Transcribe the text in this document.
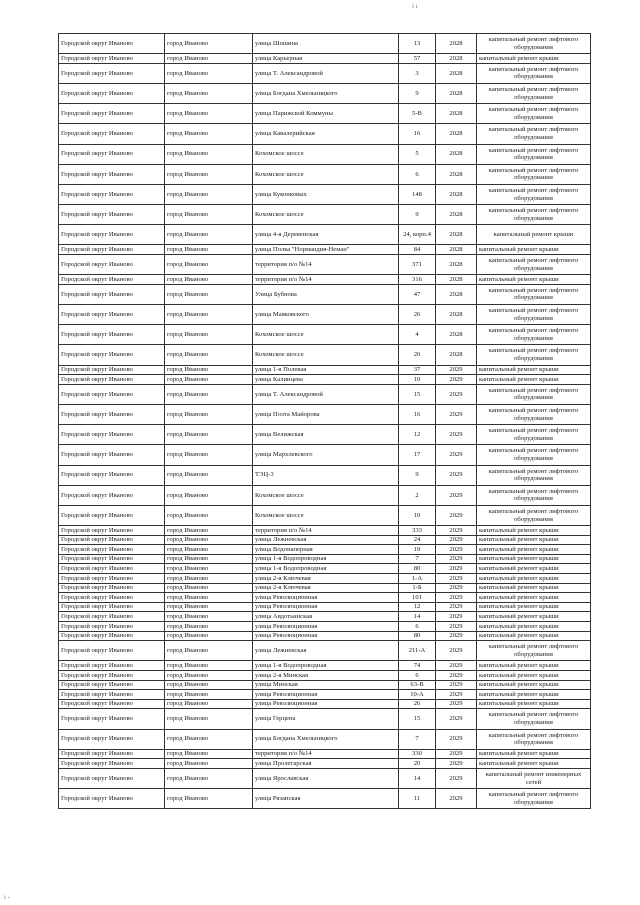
ı̇ ı
Городской округ Иваново	город Иваново	улица Шошина	13	2028	капитальный ремонт лифтового оборудования
Городской округ Иваново	город Иваново	улица Карьерная	57	2028	капитальный ремонт крыши
Городской округ Иваново	город Иваново	улица Т. Александровой	3	2028	капитальный ремонт лифтового оборудования
Городской округ Иваново	город Иваново	улица Богдана Хмельницкого	9	2028	капитальный ремонт лифтового оборудования
Городской округ Иваново	город Иваново	улица Парижской Коммуны	5-В	2028	капитальный ремонт лифтового оборудования
Городской округ Иваново	город Иваново	улица Кавалерийская	16	2028	капитальный ремонт лифтового оборудования
Городской округ Иваново	город Иваново	Кохомское шоссе	5	2028	капитальный ремонт лифтового оборудования
Городской округ Иваново	город Иваново	Кохомское шоссе	6	2028	капитальный ремонт лифтового оборудования
Городской округ Иваново	город Иваново	улица Куконковых	148	2028	капитальный ремонт лифтового оборудования
Городской округ Иваново	город Иваново	Кохомское шоссе	9	2028	капитальный ремонт лифтового оборудования
Городской округ Иваново	город Иваново	улица 4-я Деревенская	24, корп.4	2028	капитальный ремонт крыши
Городской округ Иваново	город Иваново	улица Полка "Нормандия-Неман"	84	2028	капитальный ремонт крыши
Городской округ Иваново	город Иваново	территория п/о №14	371	2028	капитальный ремонт лифтового оборудования
Городской округ Иваново	город Иваново	территория п/о №14	316	2028	капитальный ремонт крыши
Городской округ Иваново	город Иваново	Улица Бубнова	47	2028	капитальный ремонт лифтового оборудования
Городской округ Иваново	город Иваново	улица Маяковского	26	2028	капитальный ремонт лифтового оборудования
Городской округ Иваново	город Иваново	Кохомское шоссе	4	2028	капитальный ремонт лифтового оборудования
Городской округ Иваново	город Иваново	Кохомское шоссе	20	2028	капитальный ремонт лифтового оборудования
Городской округ Иваново	город Иваново	улица 1-я Полевая	37	2029	капитальный ремонт крыши
Городской округ Иваново	город Иваново	улица Калинцева	10	2029	капитальный ремонт крыши
Городской округ Иваново	город Иваново	улица Т. Александровой	15	2029	капитальный ремонт лифтового оборудования
Городской округ Иваново	город Иваново	улица Поэта Майорова	16	2029	капитальный ремонт лифтового оборудования
Городской округ Иваново	город Иваново	улица Велижская	12	2029	капитальный ремонт лифтового оборудования
Городской округ Иваново	город Иваново	улица Мархлевского	17	2029	капитальный ремонт лифтового оборудования
Городской округ Иваново	город Иваново	ТЭЦ-3	9	2029	капитальный ремонт лифтового оборудования
Городской округ Иваново	город Иваново	Кохомское шоссе	2	2029	капитальный ремонт лифтового оборудования
Городской округ Иваново	город Иваново	Кохомское шоссе	10	2029	капитальный ремонт лифтового оборудования
Городской округ Иваново	город Иваново	территория п/о №14	333	2029	капитальный ремонт крыши
Городской округ Иваново	город Иваново	улица Лежневская	24	2029	капитальный ремонт крыши
Городской округ Иваново	город Иваново	улица Водонаперная	19	2029	капитальный ремонт крыши
Городской округ Иваново	город Иваново	улица 1-я Водопроводная	7	2029	капитальный ремонт крыши
Городской округ Иваново	город Иваново	улица 1-я Водопроводная	80	2029	капитальный ремонт крыши
Городской округ Иваново	город Иваново	улица 2-я Ключевая	1-А	2029	капитальный ремонт крыши
Городской округ Иваново	город Иваново	улица 2-я Ключевая	1-Б	2029	капитальный ремонт крыши
Городской округ Иваново	город Иваново	улица Революционная	101	2029	капитальный ремонт крыши
Городской округ Иваново	город Иваново	улица Революционная	12	2029	капитальный ремонт крыши
Городской округ Иваново	город Иваново	улица Авдотьинская	14	2029	капитальный ремонт крыши
Городской округ Иваново	город Иваново	улица Революционная	6	2029	капитальный ремонт крыши
Городской округ Иваново	город Иваново	улица Революционная	80	2029	капитальный ремонт крыши
Городской округ Иваново	город Иваново	улица Лежневская	211-А	2029	капитальный ремонт лифтового оборудования
Городской округ Иваново	город Иваново	улица 1-я Водопроводная	74	2029	капитальный ремонт крыши
Городской округ Иваново	город Иваново	улица 2-я Минская	6	2029	капитальный ремонт крыши
Городской округ Иваново	город Иваново	улица Минская	63-В	2029	капитальный ремонт крыши
Городской округ Иваново	город Иваново	улица Революционная	10-А	2029	капитальный ремонт крыши
Городской округ Иваново	город Иваново	улица Революционная	26	2029	капитальный ремонт крыши
Городской округ Иваново	город Иваново	улица Герцена	15	2029	капитальный ремонт лифтового оборудования
Городской округ Иваново	город Иваново	улица Богдана Хмельницкого	7	2029	капитальный ремонт лифтового оборудования
Городской округ Иваново	город Иваново	территория п/о №14	330	2029	капитальный ремонт крыши
Городской округ Иваново	город Иваново	улица Пролетарская	20	2029	капитальный ремонт крыши
Городской округ Иваново	город Иваново	улица Ярославская	14	2029	капитальный ремонт инженерных сетей
Городской округ Иваново	город Иваново	улица Рязанская	11	2029	капитальный ремонт лифтового оборудования
ı -
